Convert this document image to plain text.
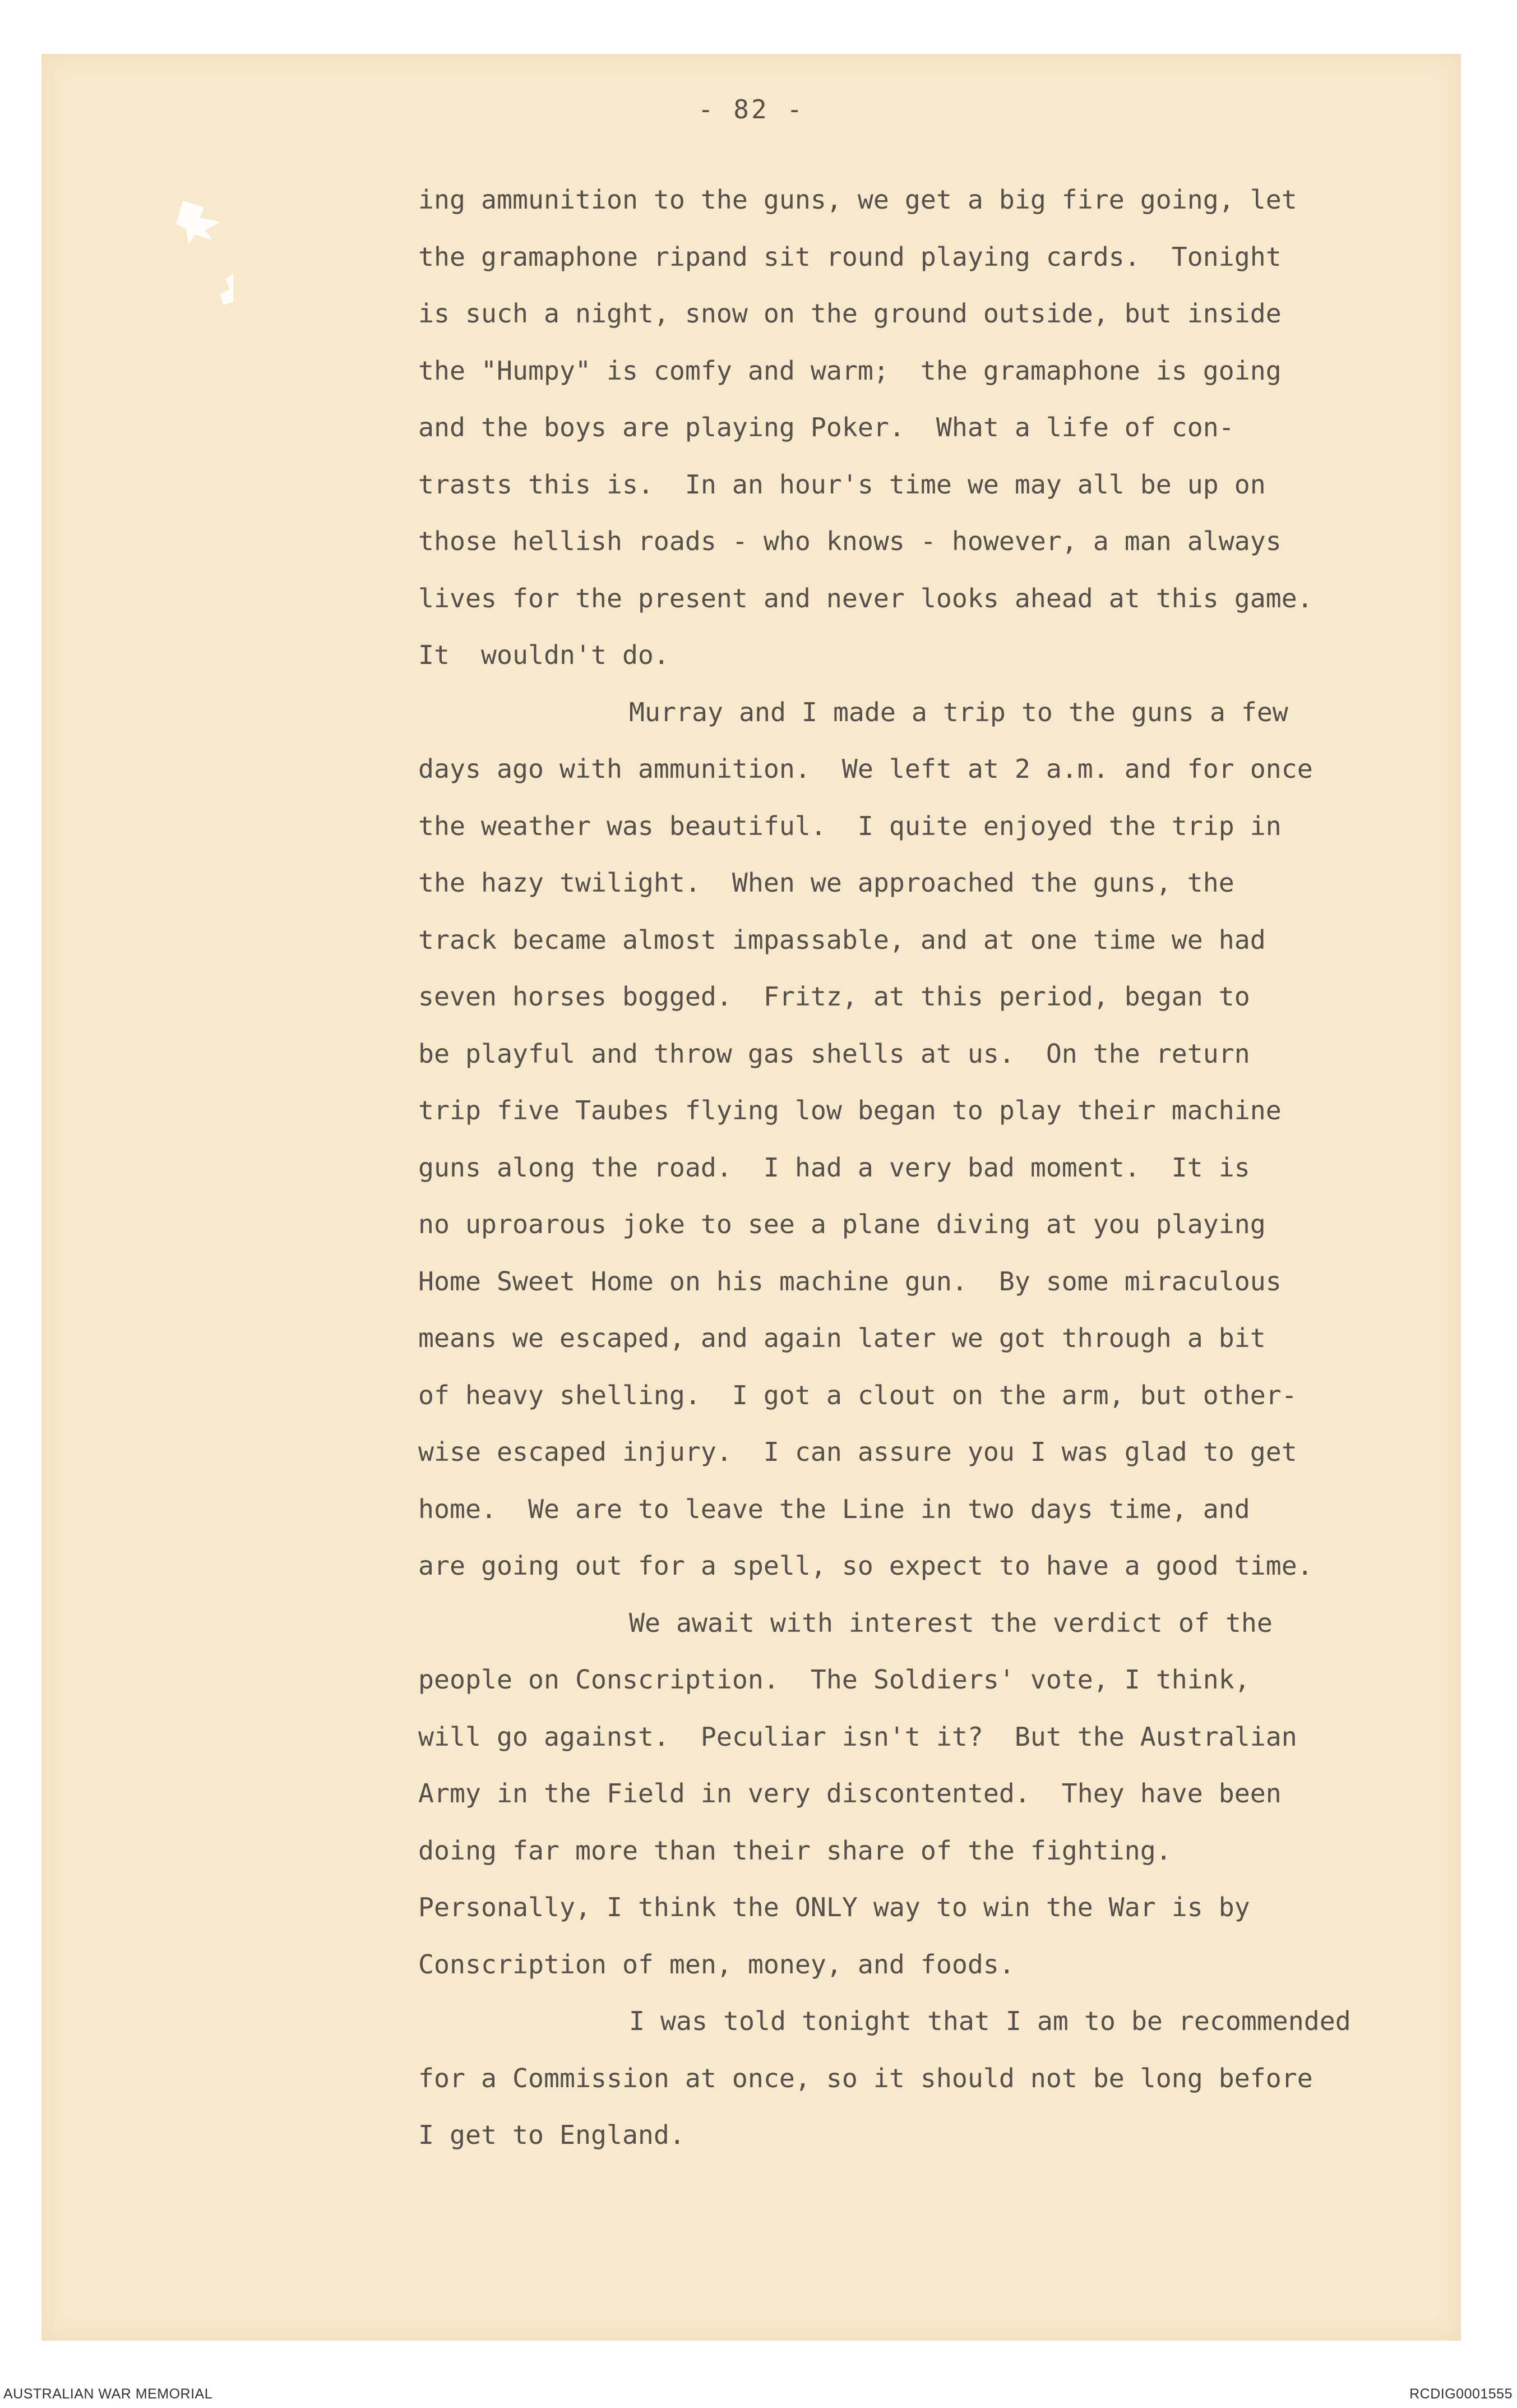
- 82 -
ing ammunition to the guns, we get a big fire going, let
the gramaphone ripand sit round playing cards.  Tonight
is such a night, snow on the ground outside, but inside
the "Humpy" is comfy and warm;  the gramaphone is going
and the boys are playing Poker.  What a life of con-
trasts this is.  In an hour's time we may all be up on
those hellish roads - who knows - however, a man always
lives for the present and never looks ahead at this game.
It  wouldn't do.
Murray and I made a trip to the guns a few
days ago with ammunition.  We left at 2 a.m. and for once
the weather was beautiful.  I quite enjoyed the trip in
the hazy twilight.  When we approached the guns, the
track became almost impassable, and at one time we had
seven horses bogged.  Fritz, at this period, began to
be playful and throw gas shells at us.  On the return
trip five Taubes flying low began to play their machine
guns along the road.  I had a very bad moment.  It is
no uproarous joke to see a plane diving at you playing
Home Sweet Home on his machine gun.  By some miraculous
means we escaped, and again later we got through a bit
of heavy shelling.  I got a clout on the arm, but other-
wise escaped injury.  I can assure you I was glad to get
home.  We are to leave the Line in two days time, and
are going out for a spell, so expect to have a good time.
We await with interest the verdict of the
people on Conscription.  The Soldiers' vote, I think,
will go against.  Peculiar isn't it?  But the Australian
Army in the Field in very discontented.  They have been
doing far more than their share of the fighting.
Personally, I think the ONLY way to win the War is by
Conscription of men, money, and foods.
I was told tonight that I am to be recommended
for a Commission at once, so it should not be long before
I get to England.
AUSTRALIAN WAR MEMORIAL	RCDIG0001555
